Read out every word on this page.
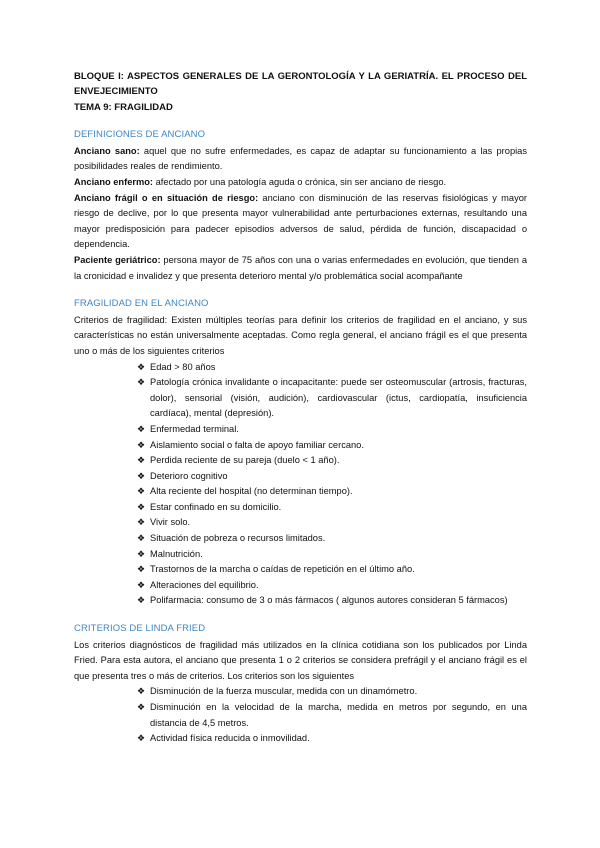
BLOQUE I: ASPECTOS GENERALES DE LA GERONTOLOGÍA Y LA GERIATRÍA. EL PROCESO DEL ENVEJECIMIENTO

TEMA 9: FRAGILIDAD

DEFINICIONES DE ANCIANO

Anciano sano: aquel que no sufre enfermedades, es capaz de adaptar su funcionamiento a las propias posibilidades reales de rendimiento.

Anciano enfermo: afectado por una patología aguda o crónica, sin ser anciano de riesgo.

Anciano frágil o en situación de riesgo: anciano con disminución de las reservas fisiológicas y mayor riesgo de declive, por lo que presenta mayor vulnerabilidad ante perturbaciones externas, resultando una mayor predisposición para padecer episodios adversos de salud, pérdida de función, discapacidad o dependencia.

Paciente geriátrico: persona mayor de 75 años con una o varias enfermedades en evolución, que tienden a la cronicidad e invalidez y que presenta deterioro mental y/o problemática social acompañante

FRAGILIDAD EN EL ANCIANO

Criterios de fragilidad: Existen múltiples teorías para definir los criterios de fragilidad en el anciano, y sus características no están universalmente aceptadas. Como regla general, el anciano frágil es el que presenta uno o más de los siguientes criterios

❖ Edad > 80 años
❖ Patología crónica invalidante o incapacitante: puede ser osteomuscular (artrosis, fracturas, dolor), sensorial (visión, audición), cardiovascular (ictus, cardiopatía, insuficiencia cardíaca), mental (depresión).
❖ Enfermedad terminal.
❖ Aislamiento social o falta de apoyo familiar cercano.
❖ Perdida reciente de su pareja (duelo < 1 año).
❖ Deterioro cognitivo
❖ Alta reciente del hospital (no determinan tiempo).
❖ Estar confinado en su domicilio.
❖ Vivir solo.
❖ Situación de pobreza o recursos limitados.
❖ Malnutrición.
❖ Trastornos de la marcha o caídas de repetición en el último año.
❖ Alteraciones del equilibrio.
❖ Polifarmacia: consumo de 3 o más fármacos ( algunos autores consideran 5 fármacos)
CRITERIOS DE LINDA FRIED

Los criterios diagnósticos de fragilidad más utilizados en la clínica cotidiana son los publicados por Linda Fried. Para esta autora, el anciano que presenta 1 o 2 criterios se considera prefrágil y el anciano frágil es el que presenta tres o más de criterios. Los criterios son los siguientes

❖ Disminución de la fuerza muscular, medida con un dinamómetro.
❖ Disminución en la velocidad de la marcha, medida en metros por segundo, en una distancia de 4,5 metros.
❖ Actividad física reducida o inmovilidad.
